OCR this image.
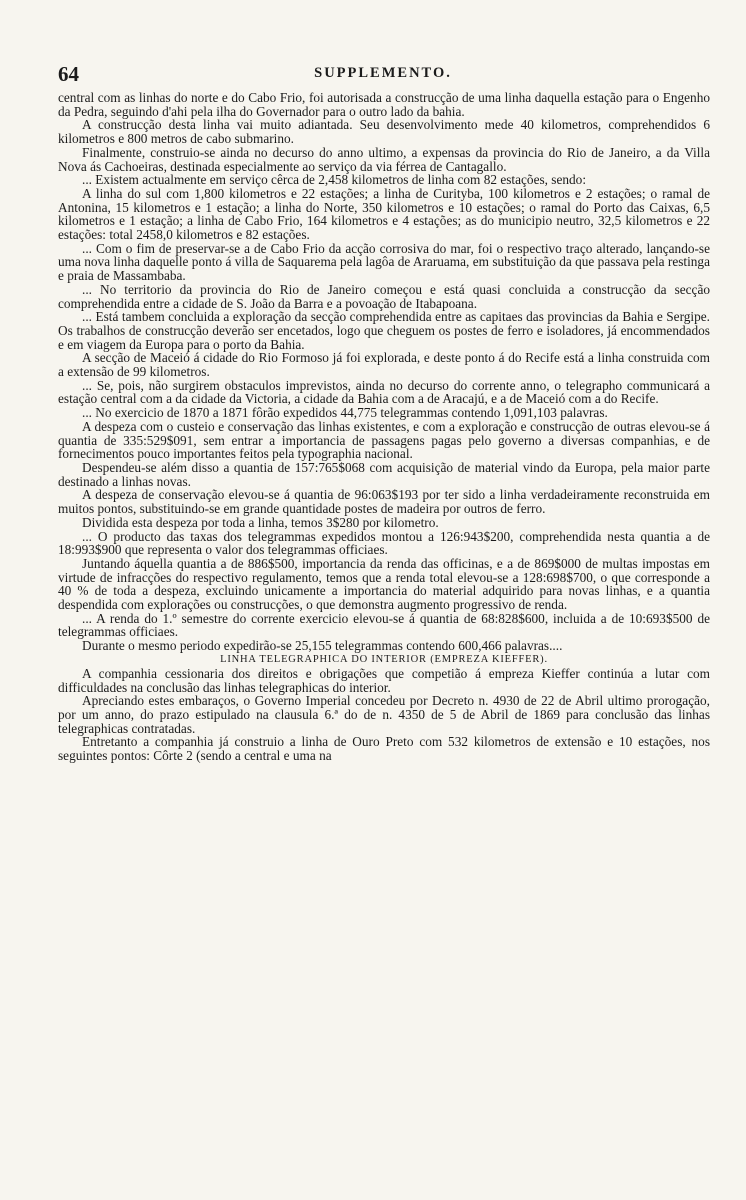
64	SUPPLEMENTO.

central com as linhas do norte e do Cabo Frio, foi autorisada a construcção de uma linha daquella estação para o Engenho da Pedra, seguindo d'ahi pela ilha do Governador para o outro lado da bahia.

A construcção desta linha vai muito adiantada. Seu desenvolvimento mede 40 kilometros, comprehendidos 6 kilometros e 800 metros de cabo submarino.

Finalmente, construio-se ainda no decurso do anno ultimo, a expensas da provincia do Rio de Janeiro, a da Villa Nova ás Cachoeiras, destinada especialmente ao serviço da via férrea de Cantagallo.

... Existem actualmente em serviço cêrca de 2,458 kilometros de linha com 82 estações, sendo:

A linha do sul com 1,800 kilometros e 22 estações; a linha de Curityba, 100 kilometros e 2 estações; o ramal de Antonina, 15 kilometros e 1 estação; a linha do Norte, 350 kilometros e 10 estações; o ramal do Porto das Caixas, 6,5 kilometros e 1 estação; a linha de Cabo Frio, 164 kilometros e 4 estações; as do municipio neutro, 32,5 kilometros e 22 estações: total 2458,0 kilometros e 82 estações.

... Com o fim de preservar-se a de Cabo Frio da acção corrosiva do mar, foi o respectivo traço alterado, lançando-se uma nova linha daquelle ponto á villa de Saquarema pela lagôa de Araruama, em substituição da que passava pela restinga e praia de Massambaba.

... No territorio da provincia do Rio de Janeiro começou e está quasi concluida a construcção da secção comprehendida entre a cidade de S. João da Barra e a povoação de Itabapoana.

... Está tambem concluida a exploração da secção comprehendida entre as capitaes das provincias da Bahia e Sergipe. Os trabalhos de construcção deverão ser encetados, logo que cheguem os postes de ferro e isoladores, já encommendados e em viagem da Europa para o porto da Bahia.

A secção de Maceió á cidade do Rio Formoso já foi explorada, e deste ponto á do Recife está a linha construida com a extensão de 99 kilometros.

... Se, pois, não surgirem obstaculos imprevistos, ainda no decurso do corrente anno, o telegrapho communicará a estação central com a da cidade da Victoria, a cidade da Bahia com a de Aracajú, e a de Maceió com a do Recife.

... No exercicio de 1870 a 1871 fôrão expedidos 44,775 telegrammas contendo 1,091,103 palavras.

A despeza com o custeio e conservação das linhas existentes, e com a exploração e construcção de outras elevou-se á quantia de 335:529$091, sem entrar a importancia de passagens pagas pelo governo a diversas companhias, e de fornecimentos pouco importantes feitos pela typographia nacional.

Despendeu-se além disso a quantia de 157:765$068 com acquisição de material vindo da Europa, pela maior parte destinado a linhas novas.

A despeza de conservação elevou-se á quantia de 96:063$193 por ter sido a linha verdadeiramente reconstruida em muitos pontos, substituindo-se em grande quantidade postes de madeira por outros de ferro.

Dividida esta despeza por toda a linha, temos 3$280 por kilometro.

... O producto das taxas dos telegrammas expedidos montou a 126:943$200, comprehendida nesta quantia a de 18:993$900 que representa o valor dos telegrammas officiaes.

Juntando áquella quantia a de 886$500, importancia da renda das officinas, e a de 869$000 de multas impostas em virtude de infracções do respectivo regulamento, temos que a renda total elevou-se a 128:698$700, o que corresponde a 40 % de toda a despeza, excluindo unicamente a importancia do material adquirido para novas linhas, e a quantia despendida com explorações ou construcções, o que demonstra augmento progressivo de renda.

... A renda do 1.º semestre do corrente exercicio elevou-se á quantia de 68:828$600, incluida a de 10:693$500 de telegrammas officiaes.

Durante o mesmo periodo expedirão-se 25,155 telegrammas contendo 600,466 palavras....

LINHA TELEGRAPHICA DO INTERIOR (EMPREZA KIEFFER).

A companhia cessionaria dos direitos e obrigações que competião á empreza Kieffer continúa a lutar com difficuldades na conclusão das linhas telegraphicas do interior.

Apreciando estes embaraços, o Governo Imperial concedeu por Decreto n. 4930 de 22 de Abril ultimo prorogação, por um anno, do prazo estipulado na clausula 6.ª do de n. 4350 de 5 de Abril de 1869 para conclusão das linhas telegraphicas contratadas.

Entretanto a companhia já construio a linha de Ouro Preto com 532 kilometros de extensão e 10 estações, nos seguintes pontos: Côrte 2 (sendo a central e uma na
